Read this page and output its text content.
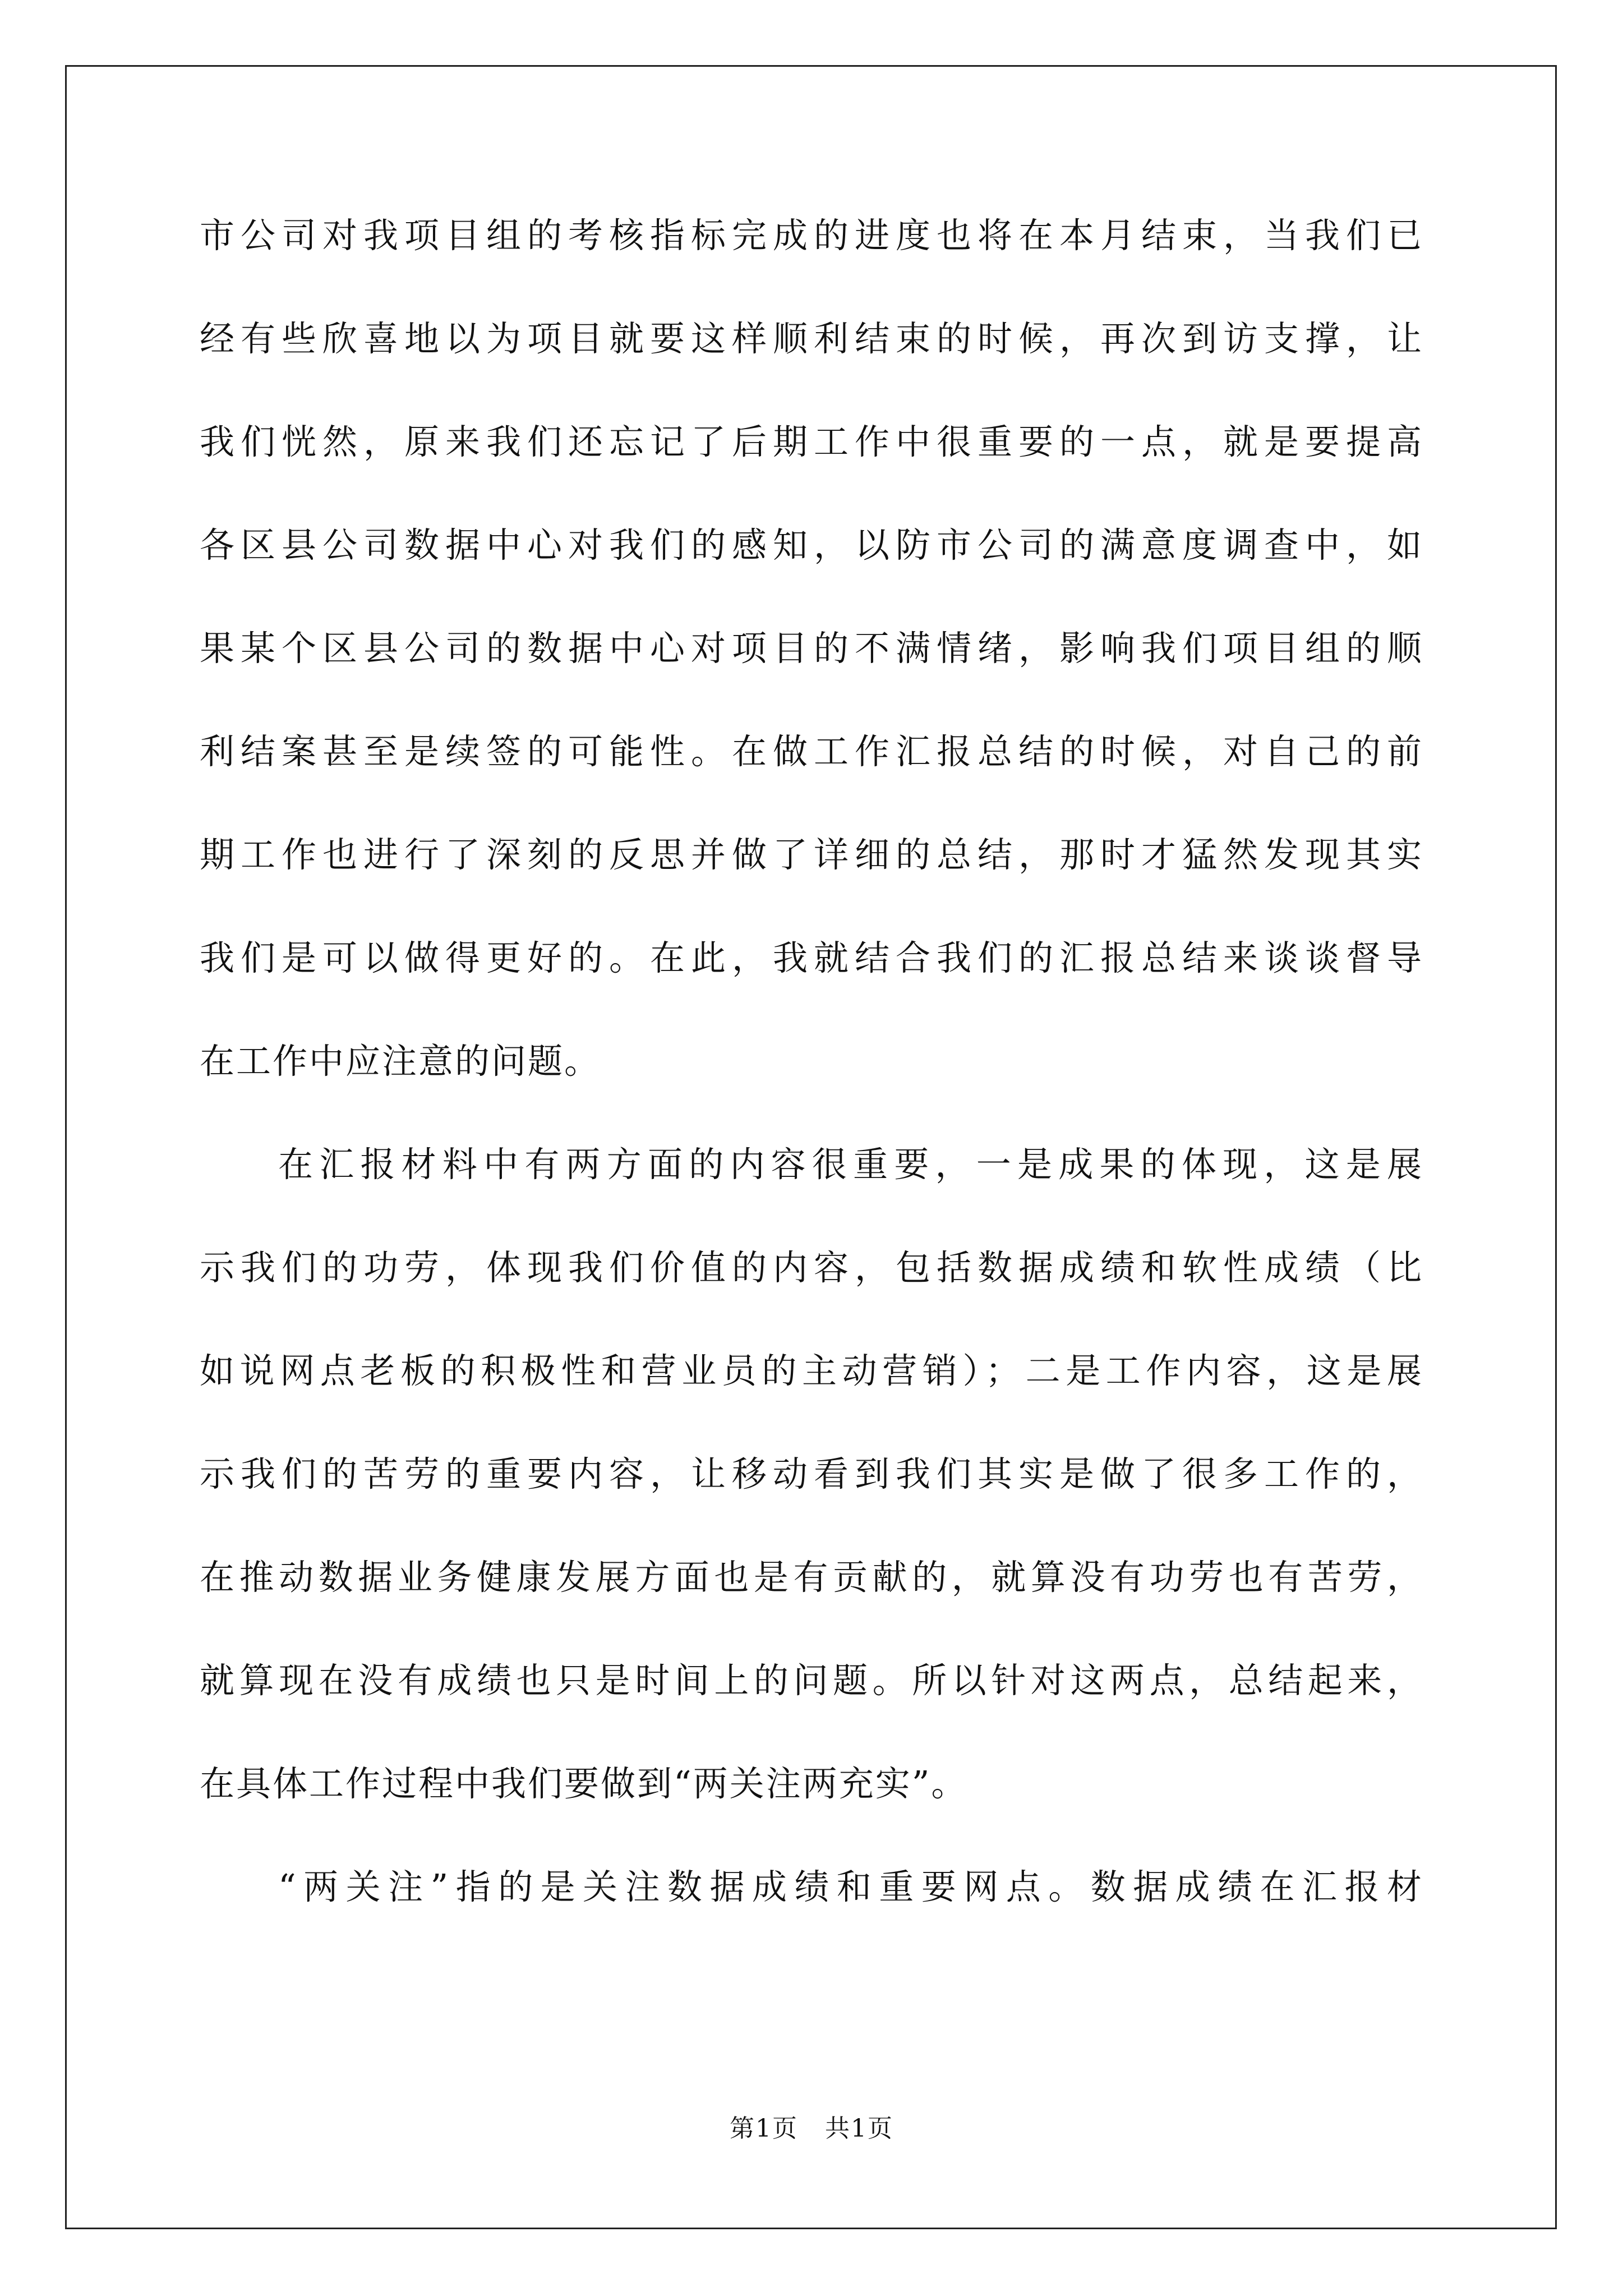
市公司对我项目组的考核指标完成的进度也将在本月结束，当我们已
经有些欣喜地以为项目就要这样顺利结束的时候，再次到访支撑，让
我们恍然，原来我们还忘记了后期工作中很重要的一点，就是要提高
各区县公司数据中心对我们的感知，以防市公司的满意度调查中，如
果某个区县公司的数据中心对项目的不满情绪，影响我们项目组的顺
利结案甚至是续签的可能性。在做工作汇报总结的时候，对自己的前
期工作也进行了深刻的反思并做了详细的总结，那时才猛然发现其实
我们是可以做得更好的。在此，我就结合我们的汇报总结来谈谈督导
在工作中应注意的问题。
在汇报材料中有两方面的内容很重要，一是成果的体现，这是展
示我们的功劳，体现我们价值的内容，包括数据成绩和软性成绩（比
如说网点老板的积极性和营业员的主动营销）；二是工作内容，这是展
示我们的苦劳的重要内容，让移动看到我们其实是做了很多工作的，
在推动数据业务健康发展方面也是有贡献的，就算没有功劳也有苦劳，
就算现在没有成绩也只是时间上的问题。所以针对这两点，总结起来，
在具体工作过程中我们要做到“两关注两充实”。
“两关注”指的是关注数据成绩和重要网点。数据成绩在汇报材
第1页   共1页
